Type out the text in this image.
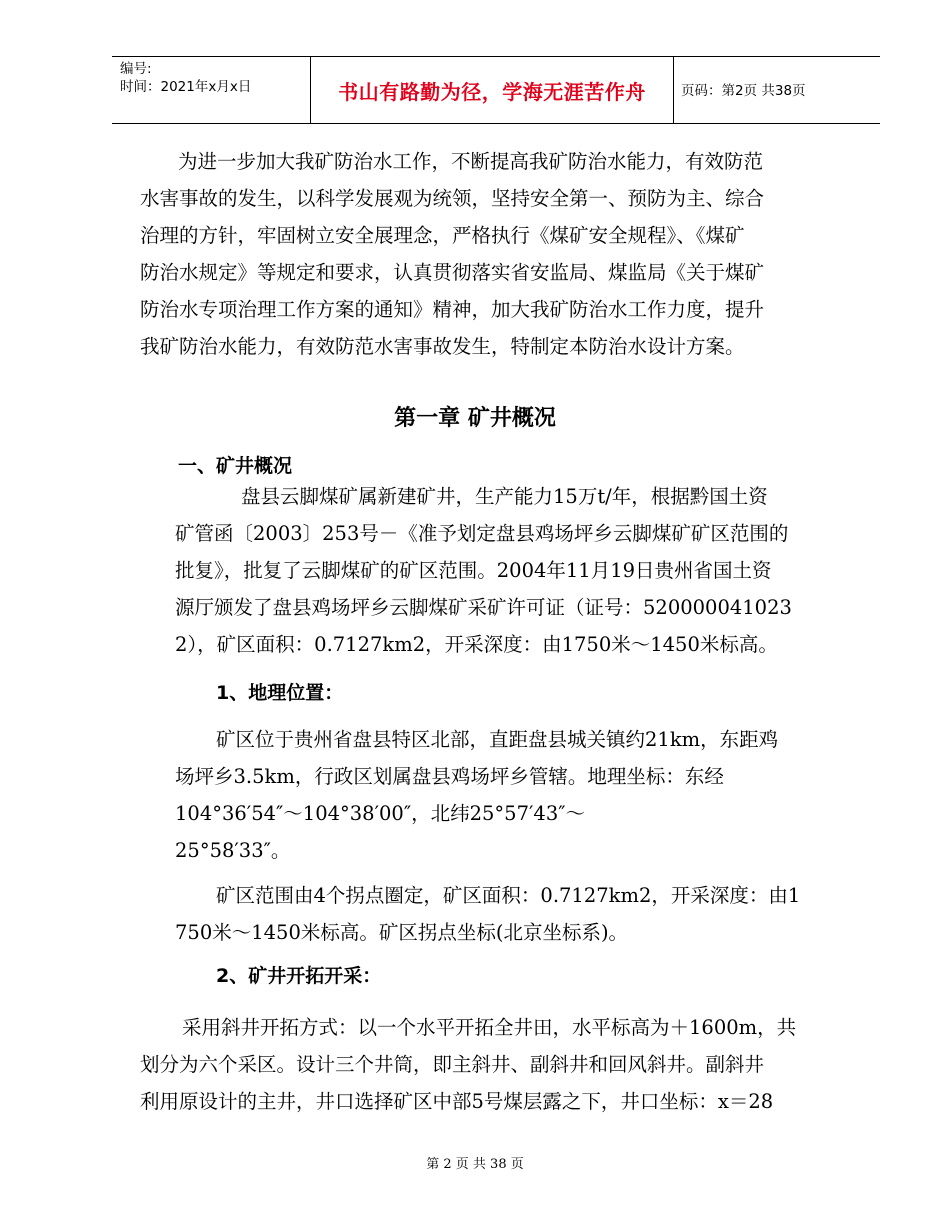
编号:
时间：2021年x月x日	书山有路勤为径，学海无涯苦作舟	页码：第2页 共38页
为进一步加大我矿防治水工作，不断提高我矿防治水能力，有效防范
水害事故的发生，以科学发展观为统领，坚持安全第一、预防为主、综合
治理的方针，牢固树立安全展理念，严格执行《煤矿安全规程》、《煤矿
防治水规定》等规定和要求，认真贯彻落实省安监局、煤监局《关于煤矿
防治水专项治理工作方案的通知》精神，加大我矿防治水工作力度，提升
我矿防治水能力，有效防范水害事故发生，特制定本防治水设计方案。
第一章 矿井概况
一、矿井概况
盘县云脚煤矿属新建矿井，生产能力15万t/年，根据黔国土资
矿管函〔2003〕253号－《准予划定盘县鸡场坪乡云脚煤矿矿区范围的
批复》，批复了云脚煤矿的矿区范围。2004年11月19日贵州省国土资
源厅颁发了盘县鸡场坪乡云脚煤矿采矿许可证（证号：520000041023
2），矿区面积：0.7127km2，开采深度：由1750米～1450米标高。
1、地理位置：
矿区位于贵州省盘县特区北部，直距盘县城关镇约21km，东距鸡
场坪乡3.5km，行政区划属盘县鸡场坪乡管辖。地理坐标：东经
104°36′54″～104°38′00″，北纬25°57′43″～
25°58′33″。
矿区范围由4个拐点圈定，矿区面积：0.7127km2，开采深度：由1
750米～1450米标高。矿区拐点坐标(北京坐标系)。
2、矿井开拓开采：
采用斜井开拓方式：以一个水平开拓全井田，水平标高为＋1600m，共
划分为六个采区。设计三个井筒，即主斜井、副斜井和回风斜井。副斜井
利用原设计的主井，井口选择矿区中部5号煤层露之下，井口坐标：x＝28
第 2 页 共 38 页
